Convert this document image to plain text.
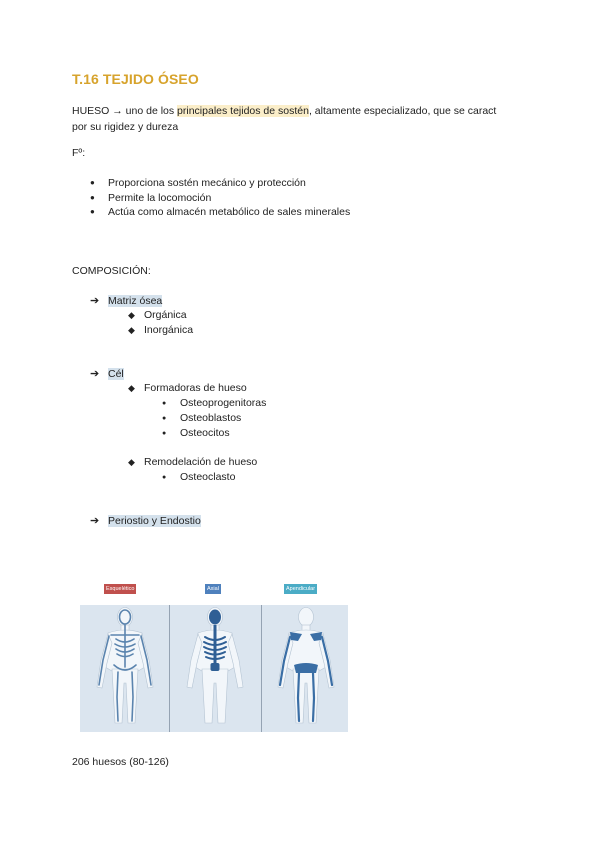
T.16 TEJIDO ÓSEO
HUESO → uno de los principales tejidos de sostén, altamente especializado, que se caract
por su rigidez y dureza
Fº:
● Proporciona sostén mecánico y protección
● Permite la locomoción
● Actúa como almacén metabólico de sales minerales
COMPOSICIÓN:
➔ Matriz ósea
◆ Orgánica
◆ Inorgánica
➔ Cél
◆ Formadoras de hueso
● Osteoprogenitoras
● Osteoblastos
● Osteocitos
◆ Remodelación de hueso
● Osteoclasto
➔ Periostio y Endostio
Esquelético	Axial	Apendicular
206 huesos (80-126)
